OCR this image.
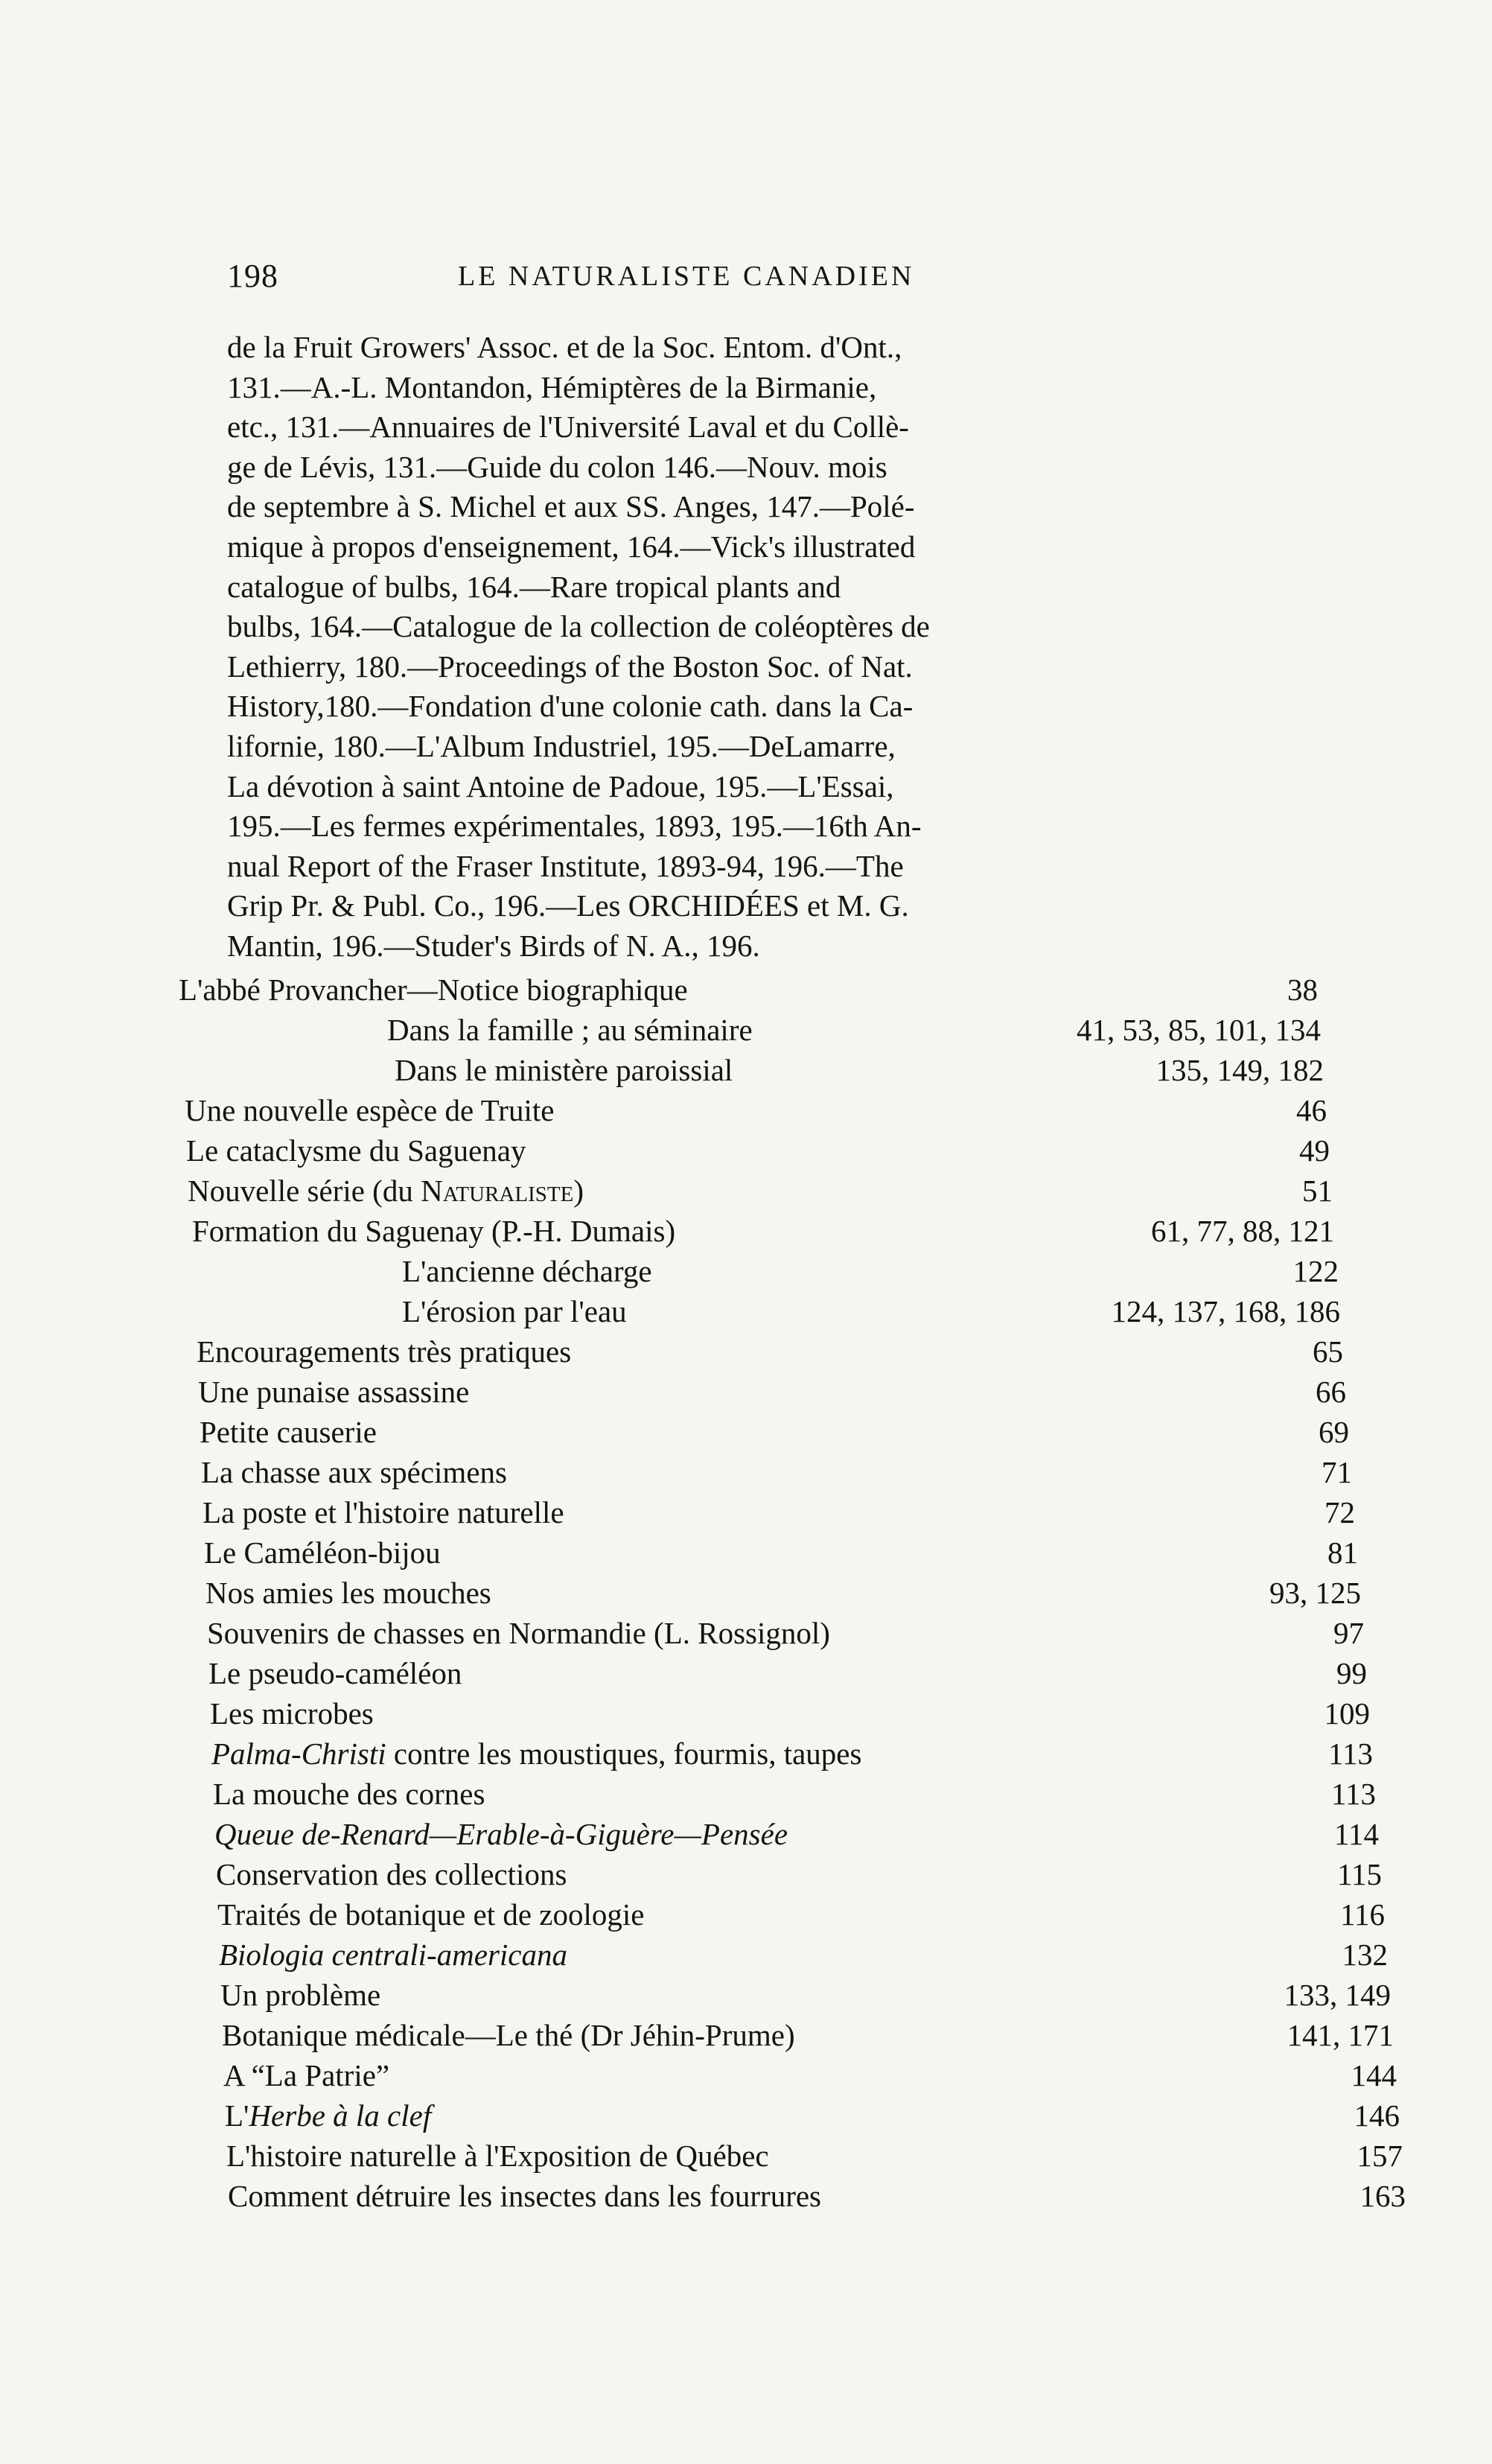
198	LE NATURALISTE CANADIEN
de la Fruit Growers' Assoc. et de la Soc. Entom. d'Ont.,
131.—A.-L. Montandon, Hémiptères de la Birmanie,
etc., 131.—Annuaires de l'Université Laval et du Collè-
ge de Lévis, 131.—Guide du colon 146.—Nouv. mois
de septembre à S. Michel et aux SS. Anges, 147.—Polé-
mique à propos d'enseignement, 164.—Vick's illustrated
catalogue of bulbs, 164.—Rare tropical plants and
bulbs, 164.—Catalogue de la collection de coléoptères de
Lethierry, 180.—Proceedings of the Boston Soc. of Nat.
History,180.—Fondation d'une colonie cath. dans la Ca-
lifornie, 180.—L'Album Industriel, 195.—DeLamarre,
La dévotion à saint Antoine de Padoue, 195.—L'Essai,
195.—Les fermes expérimentales, 1893, 195.—16th An-
nual Report of the Fraser Institute, 1893-94, 196.—The
Grip Pr. & Publ. Co., 196.—Les ORCHIDÉES et M. G.
Mantin, 196.—Studer's Birds of N. A., 196.
L'abbé Provancher—Notice biographique	38
Dans la famille ; au séminaire	41, 53, 85, 101, 134
Dans le ministère paroissial	135, 149, 182
Une nouvelle espèce de Truite	46
Le cataclysme du Saguenay	49
Nouvelle série (du Naturaliste)	51
Formation du Saguenay (P.-H. Dumais)	61, 77, 88, 121
L'ancienne décharge	122
L'érosion par l'eau	124, 137, 168, 186
Encouragements très pratiques	65
Une punaise assassine	66
Petite causerie	69
La chasse aux spécimens	71
La poste et l'histoire naturelle	72
Le Caméléon-bijou	81
Nos amies les mouches	93, 125
Souvenirs de chasses en Normandie (L. Rossignol)	97
Le pseudo-caméléon	99
Les microbes	109
Palma-Christi contre les moustiques, fourmis, taupes	113
La mouche des cornes	113
Queue de-Renard—Erable-à-Giguère—Pensée	114
Conservation des collections	115
Traités de botanique et de zoologie	116
Biologia centrali-americana	132
Un problème	133, 149
Botanique médicale—Le thé (Dr Jéhin-Prume)	141, 171
A “La Patrie”	144
L'Herbe à la clef	146
L'histoire naturelle à l'Exposition de Québec	157
Comment détruire les insectes dans les fourrures	163
